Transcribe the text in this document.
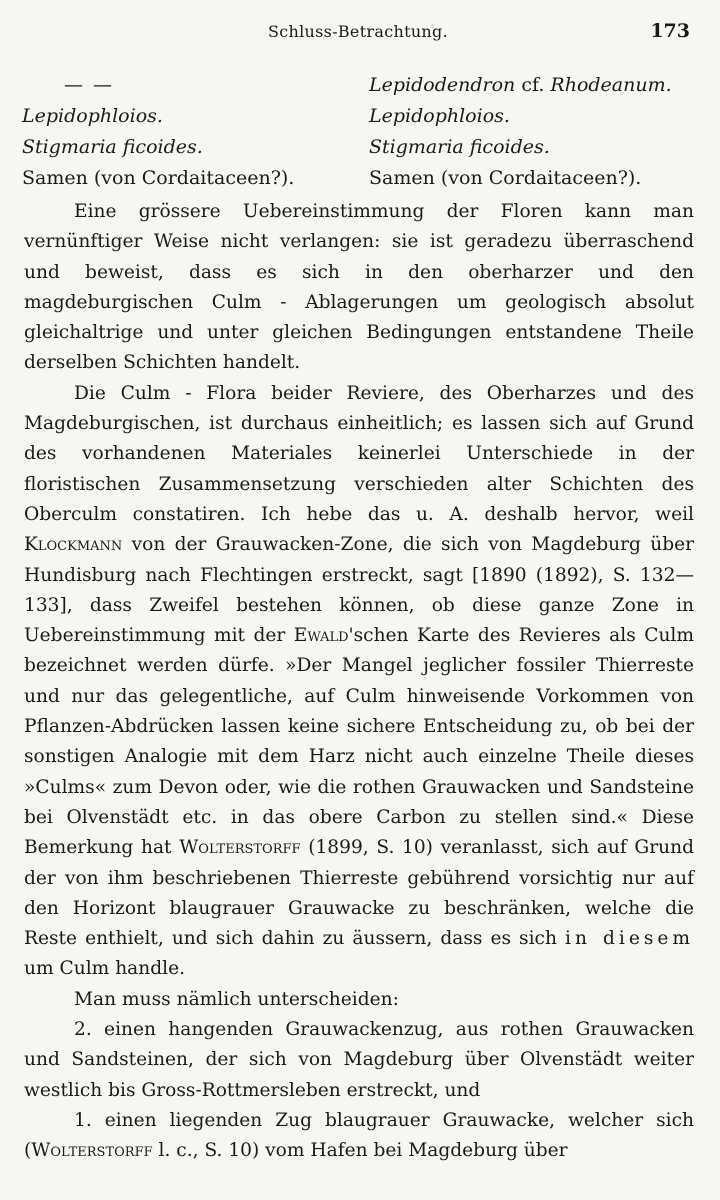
Schluss-Betrachtung.	173
— —
Lepidophloios.
Stigmaria ficoides.
Samen (von Cordaitaceen?).
Lepidodendron cf. Rhodeanum.
Lepidophloios.
Stigmaria ficoides.
Samen (von Cordaitaceen?).

Eine grössere Uebereinstimmung der Floren kann man vernünftiger Weise nicht verlangen: sie ist geradezu überraschend und beweist, dass es sich in den oberharzer und den magdeburgischen Culm - Ablagerungen um geologisch absolut gleichaltrige und unter gleichen Bedingungen entstandene Theile derselben Schichten handelt.

Die Culm - Flora beider Reviere, des Oberharzes und des Magdeburgischen, ist durchaus einheitlich; es lassen sich auf Grund des vorhandenen Materiales keinerlei Unterschiede in der floristischen Zusammensetzung verschieden alter Schichten des Oberculm constatiren. Ich hebe das u. A. deshalb hervor, weil Klockmann von der Grauwacken-Zone, die sich von Magdeburg über Hundisburg nach Flechtingen erstreckt, sagt [1890 (1892), S. 132—133], dass Zweifel bestehen können, ob diese ganze Zone in Uebereinstimmung mit der Ewald'schen Karte des Revieres als Culm bezeichnet werden dürfe. »Der Mangel jeglicher fossiler Thierreste und nur das gelegentliche, auf Culm hinweisende Vorkommen von Pflanzen-Abdrücken lassen keine sichere Entscheidung zu, ob bei der sonstigen Analogie mit dem Harz nicht auch einzelne Theile dieses »Culms« zum Devon oder, wie die rothen Grauwacken und Sandsteine bei Olvenstädt etc. in das obere Carbon zu stellen sind.« Diese Bemerkung hat Wolterstorff (1899, S. 10) veranlasst, sich auf Grund der von ihm beschriebenen Thierreste gebührend vorsichtig nur auf den Horizont blaugrauer Grauwacke zu beschränken, welche die Reste enthielt, und sich dahin zu äussern, dass es sich in diesem um Culm handle.

Man muss nämlich unterscheiden:

2. einen hangenden Grauwackenzug, aus rothen Grauwacken und Sandsteinen, der sich von Magdeburg über Olvenstädt weiter westlich bis Gross-Rottmersleben erstreckt, und

1. einen liegenden Zug blaugrauer Grauwacke, welcher sich (Wolterstorff l. c., S. 10) vom Hafen bei Magdeburg über
